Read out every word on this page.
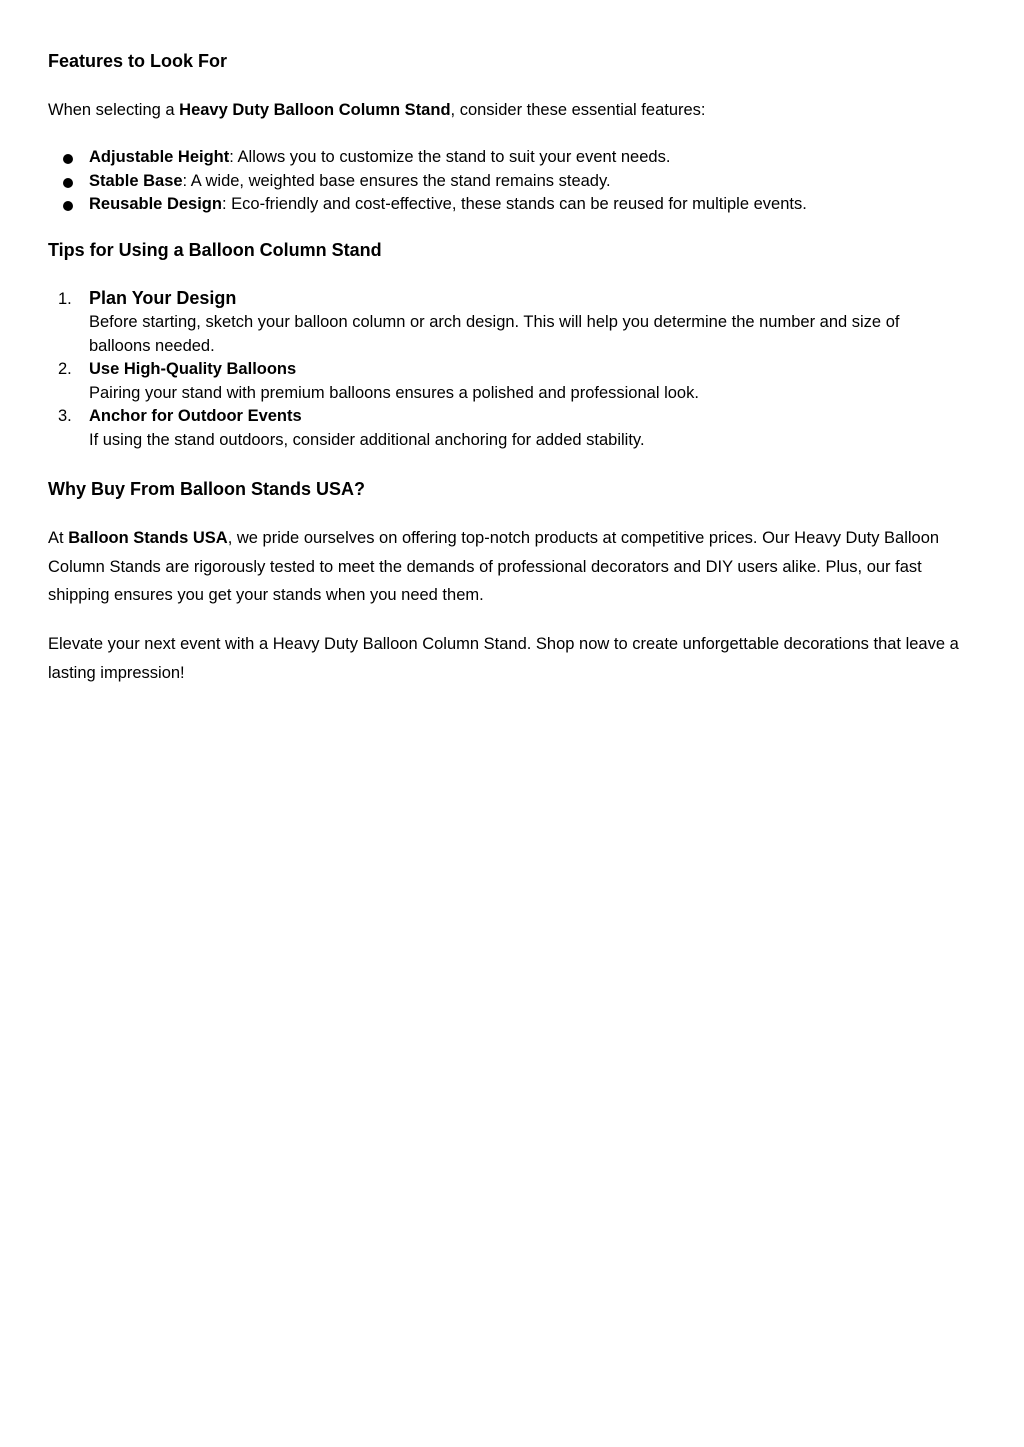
Features to Look For

When selecting a Heavy Duty Balloon Column Stand, consider these essential features:

Adjustable Height: Allows you to customize the stand to suit your event needs.
Stable Base: A wide, weighted base ensures the stand remains steady.
Reusable Design: Eco-friendly and cost-effective, these stands can be reused for multiple events.
Tips for Using a Balloon Column Stand
1. Plan Your Design
Before starting, sketch your balloon column or arch design. This will help you determine the number and size of balloons needed.
2. Use High-Quality Balloons
Pairing your stand with premium balloons ensures a polished and professional look.
3. Anchor for Outdoor Events
If using the stand outdoors, consider additional anchoring for added stability.
Why Buy From Balloon Stands USA?

At Balloon Stands USA, we pride ourselves on offering top-notch products at competitive prices. Our Heavy Duty Balloon Column Stands are rigorously tested to meet the demands of professional decorators and DIY users alike. Plus, our fast shipping ensures you get your stands when you need them.

Elevate your next event with a Heavy Duty Balloon Column Stand. Shop now to create unforgettable decorations that leave a lasting impression!
